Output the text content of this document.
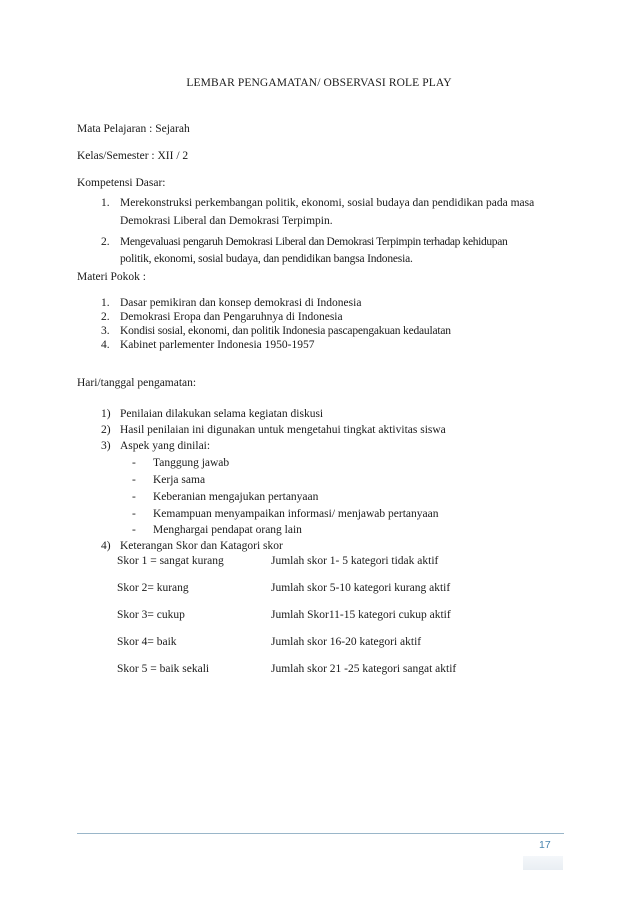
LEMBAR PENGAMATAN/ OBSERVASI ROLE PLAY
Mata Pelajaran : Sejarah
Kelas/Semester : XII / 2
Kompetensi Dasar:
1. Merekonstruksi perkembangan politik, ekonomi, sosial budaya dan pendidikan pada masa
Demokrasi Liberal dan Demokrasi Terpimpin.
2. Mengevaluasi pengaruh Demokrasi Liberal dan Demokrasi Terpimpin terhadap kehidupan
politik, ekonomi, sosial budaya, dan pendidikan bangsa Indonesia.
Materi Pokok :
1. Dasar pemikiran dan konsep demokrasi di Indonesia
2. Demokrasi Eropa dan Pengaruhnya di Indonesia
3. Kondisi sosial, ekonomi, dan politik Indonesia pascapengakuan kedaulatan
4. Kabinet parlementer Indonesia 1950-1957
Hari/tanggal pengamatan:
1) Penilaian dilakukan selama kegiatan diskusi
2) Hasil penilaian ini digunakan untuk mengetahui tingkat aktivitas siswa
3) Aspek yang dinilai:
- Tanggung jawab
- Kerja sama
- Keberanian mengajukan pertanyaan
- Kemampuan menyampaikan informasi/ menjawab pertanyaan
- Menghargai pendapat orang lain
4) Keterangan Skor dan Katagori skor
Skor 1 = sangat kurang	Jumlah skor 1- 5 kategori tidak aktif
Skor 2= kurang	Jumlah skor 5-10 kategori kurang aktif
Skor 3= cukup	Jumlah Skor11-15 kategori cukup aktif
Skor 4= baik	Jumlah skor 16-20 kategori aktif
Skor 5 = baik sekali	Jumlah skor 21 -25 kategori sangat aktif
17
